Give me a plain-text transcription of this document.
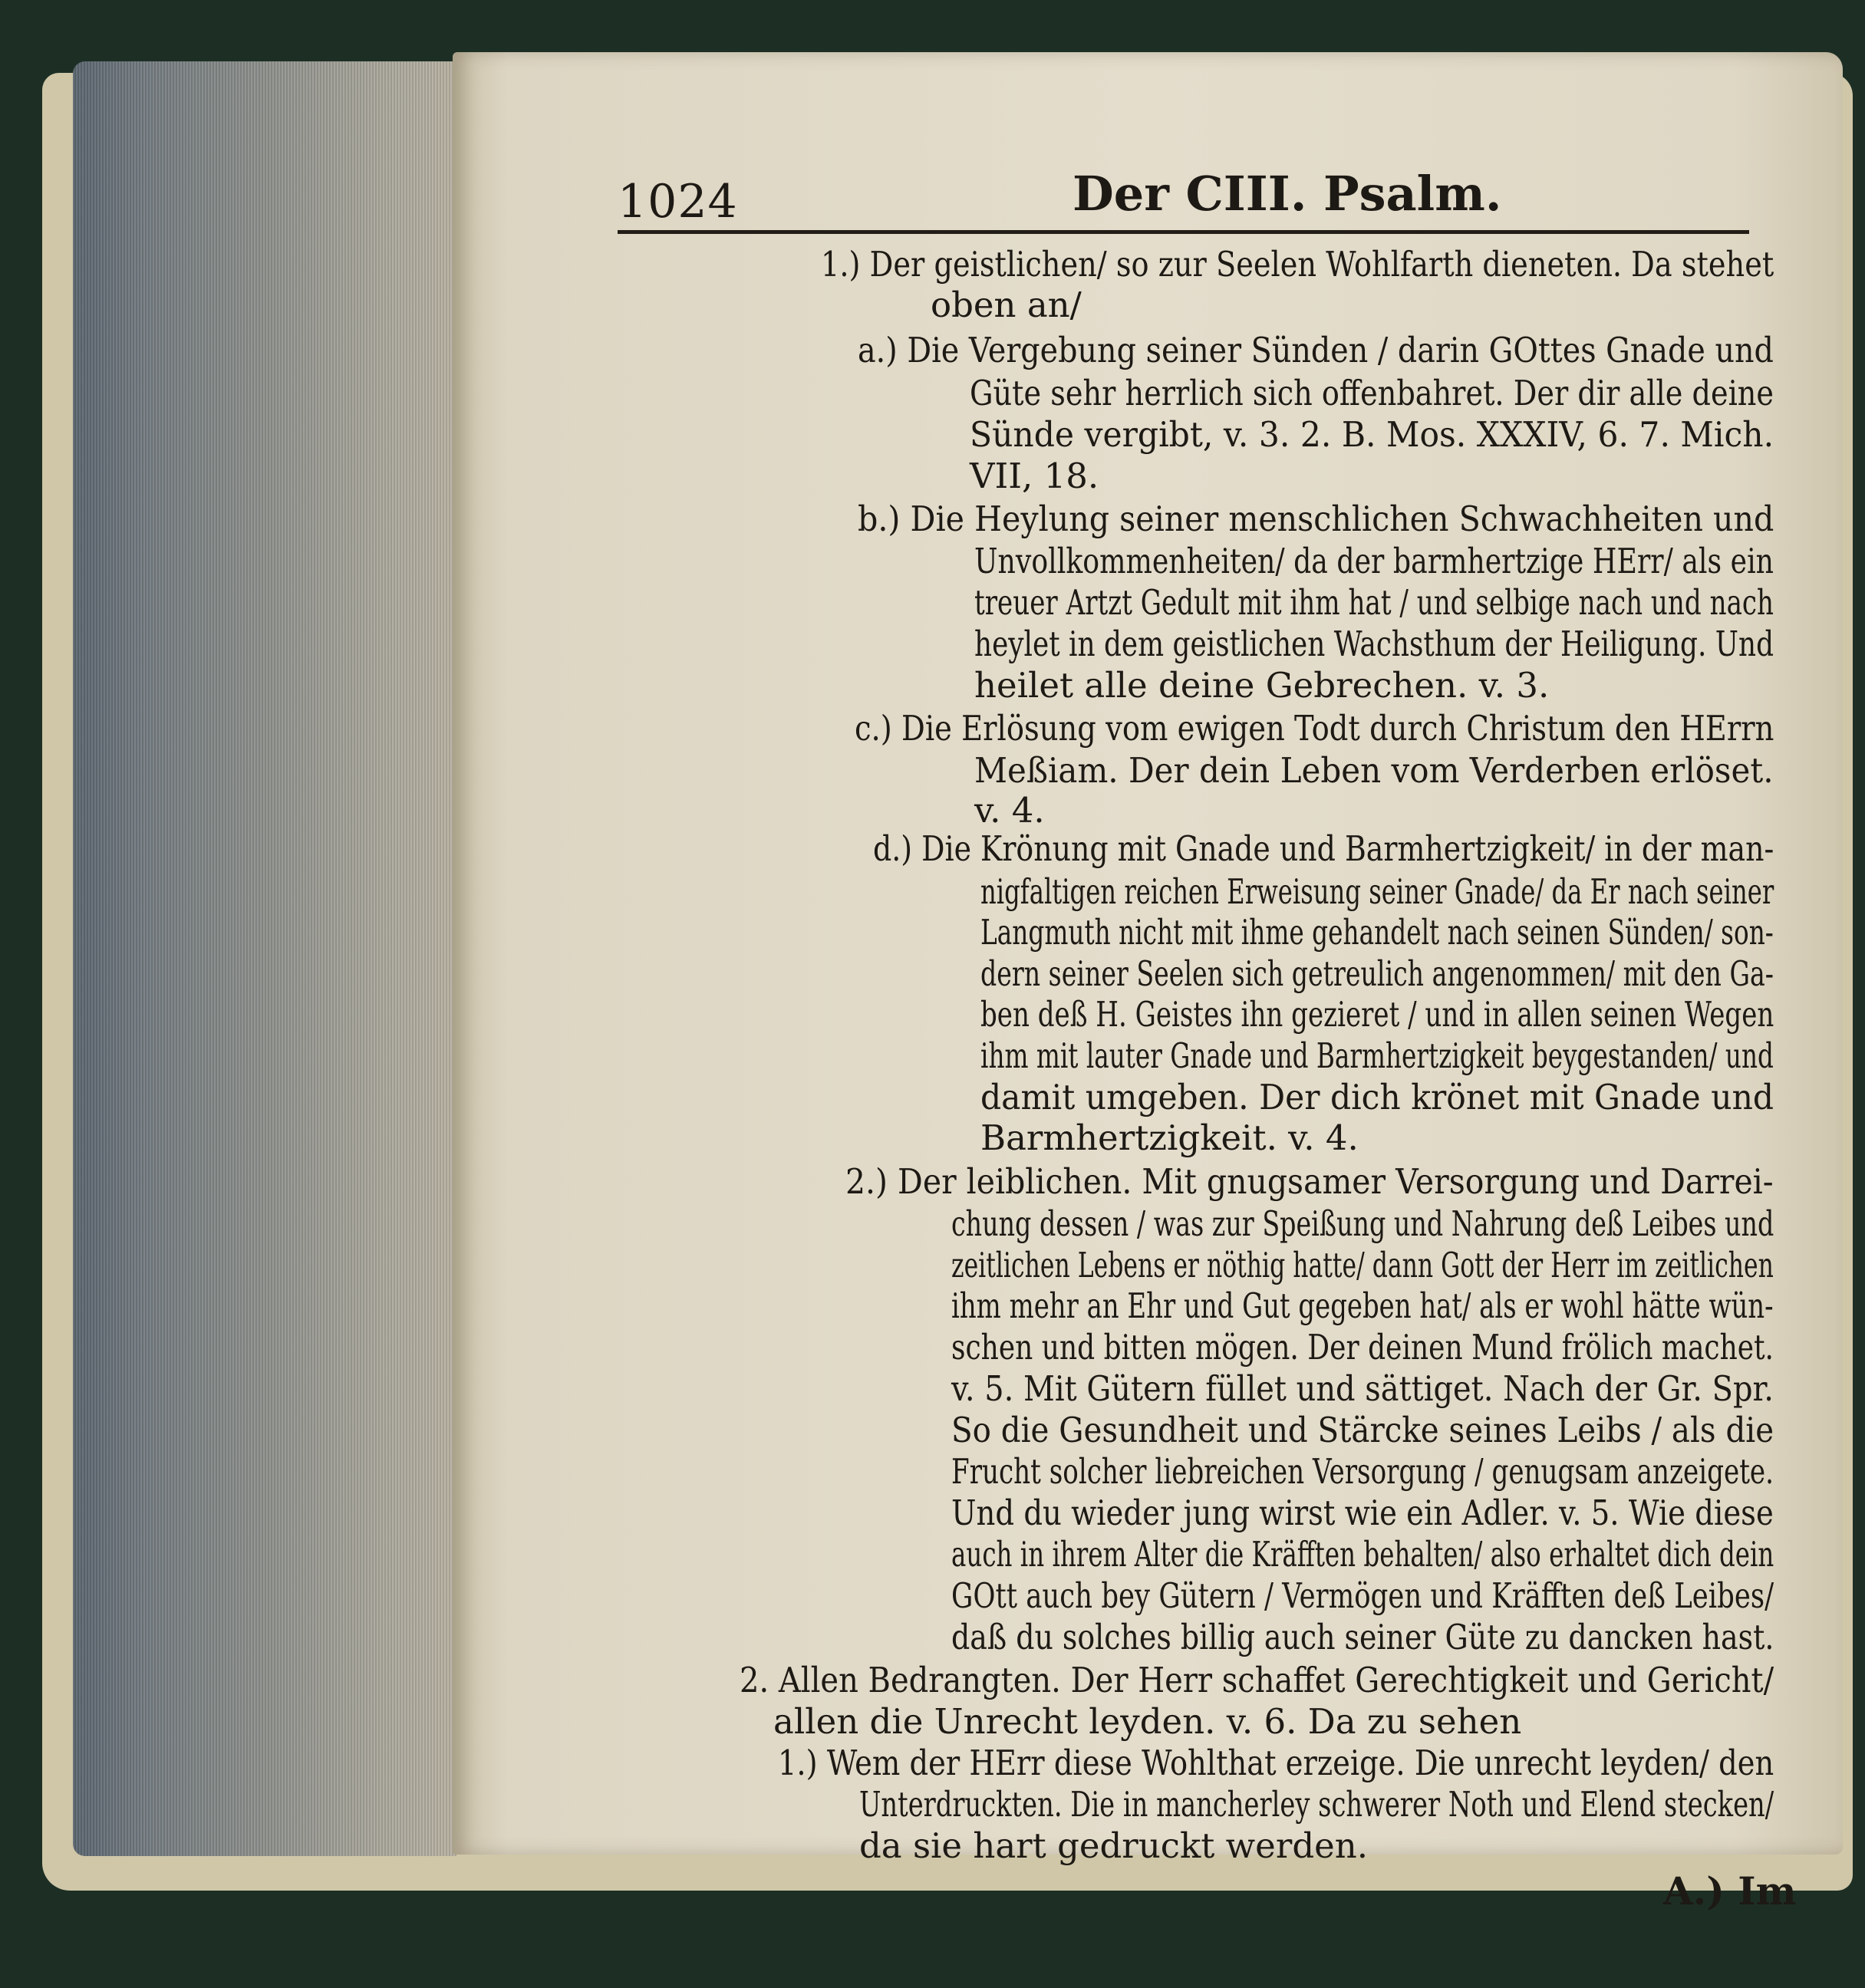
1024	Der CIII. Psalm.
1.) Der geistlichen/ so zur Seelen Wohlfarth dieneten. Da stehet
oben an/
a.) Die Vergebung seiner Sünden / darin GOttes Gnade und
Güte sehr herrlich sich offenbahret. Der dir alle deine
Sünde vergibt, v. 3. 2. B. Mos. XXXIV, 6. 7. Mich.
VII, 18.
b.) Die Heylung seiner menschlichen Schwachheiten und
Unvollkommenheiten/ da der barmhertzige HErr/ als ein
treuer Artzt Gedult mit ihm hat / und selbige nach und nach
heylet in dem geistlichen Wachsthum der Heiligung. Und
heilet alle deine Gebrechen. v. 3.
c.) Die Erlösung vom ewigen Todt durch Christum den HErrn
Meßiam. Der dein Leben vom Verderben erlöset.
v. 4.
d.) Die Krönung mit Gnade und Barmhertzigkeit/ in der man-
nigfaltigen reichen Erweisung seiner Gnade/ da Er nach seiner
Langmuth nicht mit ihme gehandelt nach seinen Sünden/ son-
dern seiner Seelen sich getreulich angenommen/ mit den Ga-
ben deß H. Geistes ihn gezieret / und in allen seinen Wegen
ihm mit lauter Gnade und Barmhertzigkeit beygestanden/ und
damit umgeben. Der dich krönet mit Gnade und
Barmhertzigkeit. v. 4.
2.) Der leiblichen. Mit gnugsamer Versorgung und Darrei-
chung dessen / was zur Speißung und Nahrung deß Leibes und
zeitlichen Lebens er nöthig hatte/ dann Gott der Herr im zeitlichen
ihm mehr an Ehr und Gut gegeben hat/ als er wohl hätte wün-
schen und bitten mögen. Der deinen Mund frölich machet.
v. 5. Mit Gütern füllet und sättiget. Nach der Gr. Spr.
So die Gesundheit und Stärcke seines Leibs / als die
Frucht solcher liebreichen Versorgung / genugsam anzeigete.
Und du wieder jung wirst wie ein Adler. v. 5. Wie diese
auch in ihrem Alter die Kräfften behalten/ also erhaltet dich dein
GOtt auch bey Gütern / Vermögen und Kräfften deß Leibes/
daß du solches billig auch seiner Güte zu dancken hast.
2. Allen Bedrangten. Der Herr schaffet Gerechtigkeit und Gericht/
allen die Unrecht leyden. v. 6. Da zu sehen
1.) Wem der HErr diese Wohlthat erzeige. Die unrecht leyden/ den
Unterdruckten. Die in mancherley schwerer Noth und Elend stecken/
da sie hart gedruckt werden.
A.) Im
